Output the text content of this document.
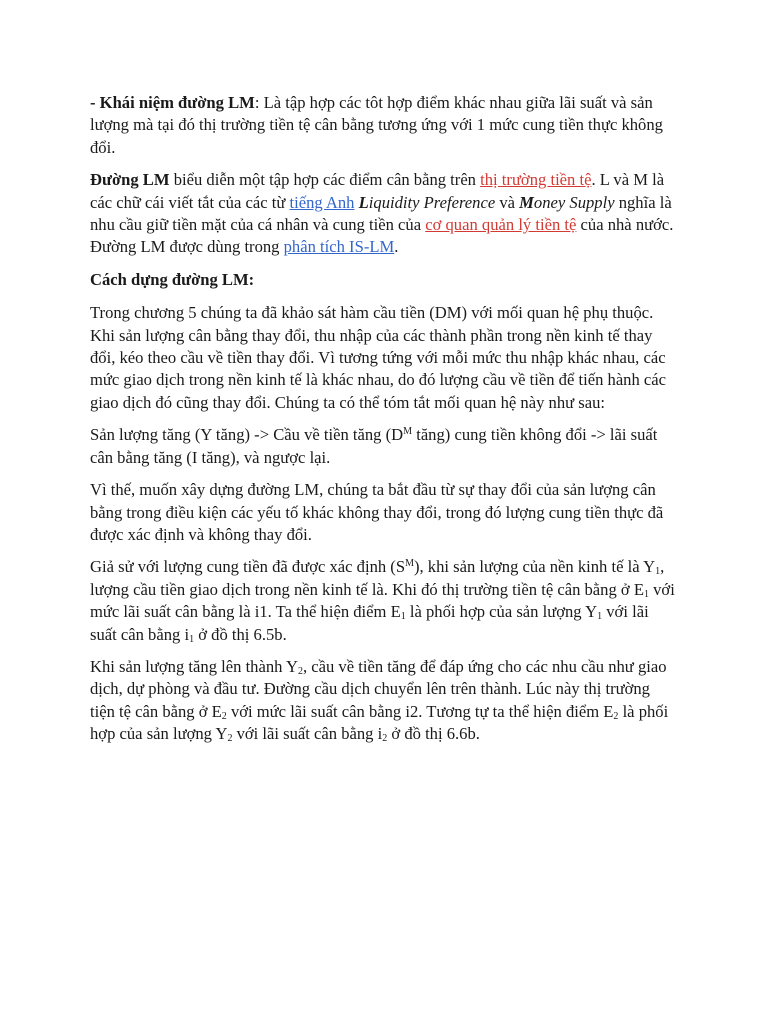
- Khái niệm đường LM: Là tập hợp các tôt hợp điểm khác nhau giữa lãi suất và sản lượng mà tại đó thị trường tiền tệ cân bằng tương ứng với 1 mức cung tiền thực không đổi.

Đường LM biểu diễn một tập hợp các điểm cân bằng trên thị trường tiền tệ. L và M là các chữ cái viết tắt của các từ tiếng Anh Liquidity Preference và Money Supply nghĩa là nhu cầu giữ tiền mặt của cá nhân và cung tiền của cơ quan quản lý tiền tệ của nhà nước. Đường LM được dùng trong phân tích IS-LM.

Cách dựng đường LM:

Trong chương 5 chúng ta đã khảo sát hàm cầu tiền (DM) với mối quan hệ phụ thuộc. Khi sản lượng cân bằng thay đổi, thu nhập của các thành phần trong nền kinh tế thay đổi, kéo theo cầu về tiền thay đổi. Vì tương tứng với mỗi mức thu nhập khác nhau, các mức giao dịch trong nền kinh tế là khác nhau, do đó lượng cầu về tiền để tiến hành các giao dịch đó cũng thay đổi. Chúng ta có thể tóm tắt mối quan hệ này như sau:

Sản lượng tăng (Y tăng) -> Cầu về tiền tăng ($D^M$ tăng) cung tiền không đổi -> lãi suất cân bằng tăng (I tăng), và ngược lại.

Vì thế, muốn xây dựng đường LM, chúng ta bắt đầu từ sự thay đổi của sản lượng cân bằng trong điều kiện các yếu tố khác không thay đổi, trong đó lượng cung tiền thực đã được xác định và không thay đổi.

Giả sử với lượng cung tiền đã được xác định $(S^M)$, khi sản lượng của nền kinh tế là $Y_1$, lượng cầu tiền giao dịch trong nền kinh tế là. Khi đó thị trường tiền tệ cân bằng ở $E_1$ với mức lãi suất cân bằng là i1. Ta thể hiện điểm $E_1$ là phối hợp của sản lượng $Y_1$ với lãi suất cân bằng $i_1$ ở đồ thị 6.5b.

Khi sản lượng tăng lên thành $Y_2$, cầu về tiền tăng để đáp ứng cho các nhu cầu như giao dịch, dự phòng và đầu tư. Đường cầu dịch chuyển lên trên thành. Lúc này thị trường tiện tệ cân bằng ở $E_2$ với mức lãi suất cân bằng i2. Tương tự ta thể hiện điểm $E_2$ là phối hợp của sản lượng $Y_2$ với lãi suất cân bằng $i_2$ ở đồ thị 6.6b.
